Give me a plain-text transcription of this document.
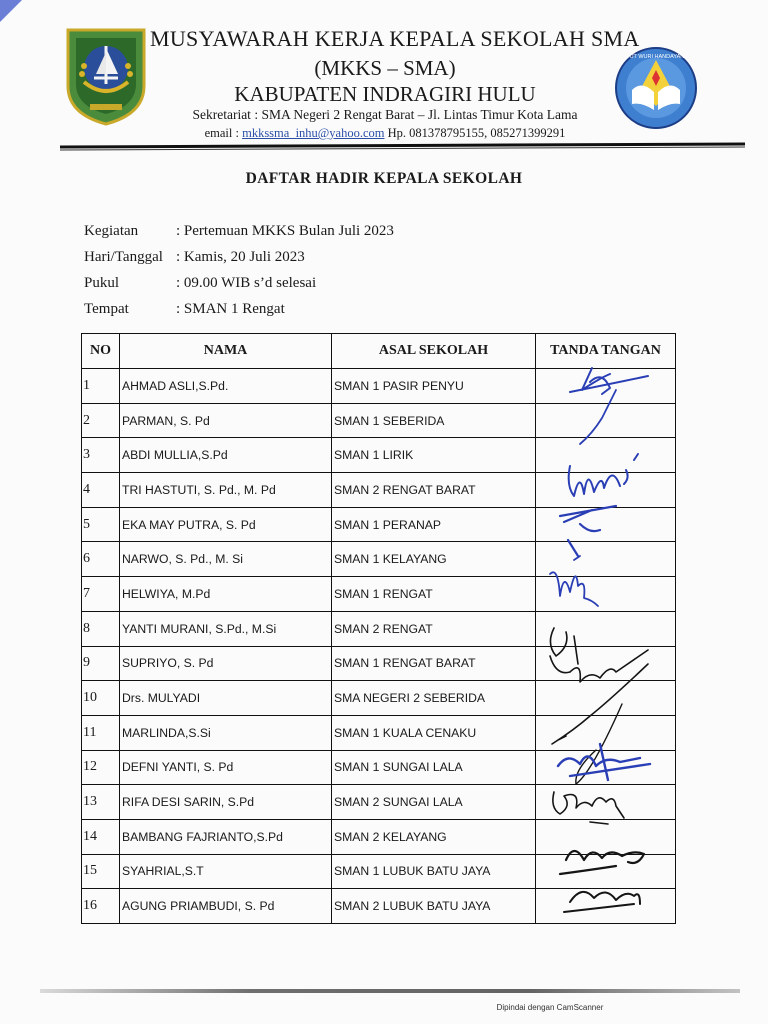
TUT WURI HANDAYANI
MUSYAWARAH KERJA KEPALA SEKOLAH SMA
(MKKS – SMA)
KABUPATEN INDRAGIRI HULU
Sekretariat : SMA Negeri 2 Rengat Barat – Jl. Lintas Timur Kota Lama
email : mkkssma_inhu@yahoo.com Hp. 081378795155, 085271399291
DAFTAR HADIR KEPALA SEKOLAH
Kegiatan	: Pertemuan MKKS Bulan Juli 2023
Hari/Tanggal : Kamis, 20 Juli 2023
Pukul	: 09.00 WIB s’d selesai
Tempat	: SMAN 1 Rengat
NO	NAMA	ASAL SEKOLAH	TANDA TANGAN
1	AHMAD ASLI,S.Pd.	SMAN 1 PASIR PENYU	
2	PARMAN, S. Pd	SMAN 1 SEBERIDA	
3	ABDI MULLIA,S.Pd	SMAN 1 LIRIK	
4	TRI HASTUTI, S. Pd., M. Pd	SMAN 2 RENGAT BARAT	
5	EKA MAY PUTRA, S. Pd	SMAN 1 PERANAP	
6	NARWO, S. Pd., M. Si	SMAN 1 KELAYANG	
7	HELWIYA, M.Pd	SMAN 1 RENGAT	
8	YANTI MURANI, S.Pd., M.Si	SMAN 2 RENGAT	
9	SUPRIYO, S. Pd	SMAN 1 RENGAT BARAT	
10	Drs. MULYADI	SMA NEGERI 2 SEBERIDA	
11	MARLINDA,S.Si	SMAN 1 KUALA CENAKU	
12	DEFNI YANTI, S. Pd	SMAN 1 SUNGAI LALA	
13	RIFA DESI SARIN, S.Pd	SMAN 2 SUNGAI LALA	
14	BAMBANG FAJRIANTO,S.Pd	SMAN 2 KELAYANG	
15	SYAHRIAL,S.T	SMAN 1 LUBUK BATU JAYA	
16	AGUNG PRIAMBUDI, S. Pd	SMAN 2 LUBUK BATU JAYA	
Dipindai dengan CamScanner
